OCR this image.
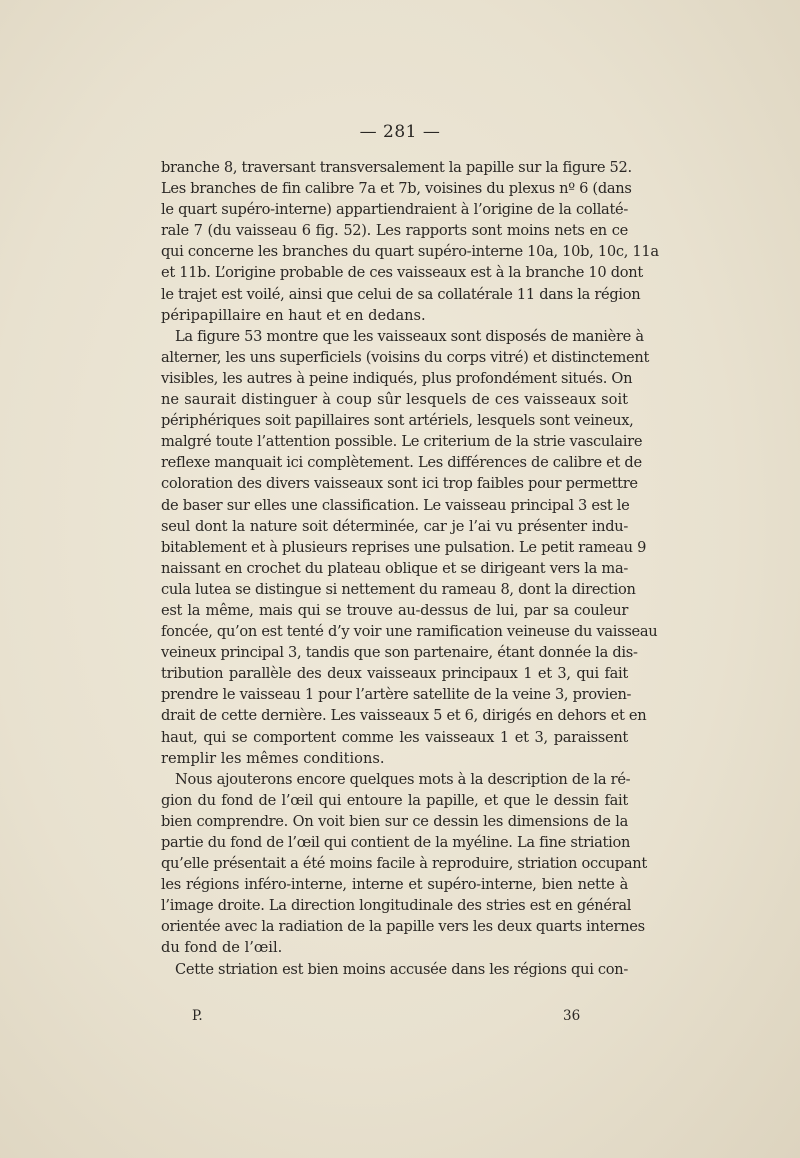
— 281 —
branche 8, traversant transversalement la papille sur la figure 52.
Les branches de fin calibre 7a et 7b, voisines du plexus nº 6 (dans
le quart supéro-interne) appartiendraient à l’origine de la collaté-
rale 7 (du vaisseau 6 fig. 52). Les rapports sont moins nets en ce
qui concerne les branches du quart supéro-interne 10a, 10b, 10c, 11a
et 11b. L’origine probable de ces vaisseaux est à la branche 10 dont
le trajet est voilé, ainsi que celui de sa collatérale 11 dans la région
péripapillaire en haut et en dedans.
La figure 53 montre que les vaisseaux sont disposés de manière à
alterner, les uns superficiels (voisins du corps vitré) et distinctement
visibles, les autres à peine indiqués, plus profondément situés. On
ne saurait distinguer à coup sûr lesquels de ces vaisseaux soit
périphériques soit papillaires sont artériels, lesquels sont veineux,
malgré toute l’attention possible. Le criterium de la strie vasculaire
reflexe manquait ici complètement. Les différences de calibre et de
coloration des divers vaisseaux sont ici trop faibles pour permettre
de baser sur elles une classification. Le vaisseau principal 3 est le
seul dont la nature soit déterminée, car je l’ai vu présenter indu-
bitablement et à plusieurs reprises une pulsation. Le petit rameau 9
naissant en crochet du plateau oblique et se dirigeant vers la ma-
cula lutea se distingue si nettement du rameau 8, dont la direction
est la même, mais qui se trouve au-dessus de lui, par sa couleur
foncée, qu’on est tenté d’y voir une ramification veineuse du vaisseau
veineux principal 3, tandis que son partenaire, étant donnée la dis-
tribution parallèle des deux vaisseaux principaux 1 et 3, qui fait
prendre le vaisseau 1 pour l’artère satellite de la veine 3, provien-
drait de cette dernière. Les vaisseaux 5 et 6, dirigés en dehors et en
haut, qui se comportent comme les vaisseaux 1 et 3, paraissent
remplir les mêmes conditions.
Nous ajouterons encore quelques mots à la description de la ré-
gion du fond de l’œil qui entoure la papille, et que le dessin fait
bien comprendre. On voit bien sur ce dessin les dimensions de la
partie du fond de l’œil qui contient de la myéline. La fine striation
qu’elle présentait a été moins facile à reproduire, striation occupant
les régions inféro-interne, interne et supéro-interne, bien nette à
l’image droite. La direction longitudinale des stries est en général
orientée avec la radiation de la papille vers les deux quarts internes
du fond de l’œil.
Cette striation est bien moins accusée dans les régions qui con-
P.	36
